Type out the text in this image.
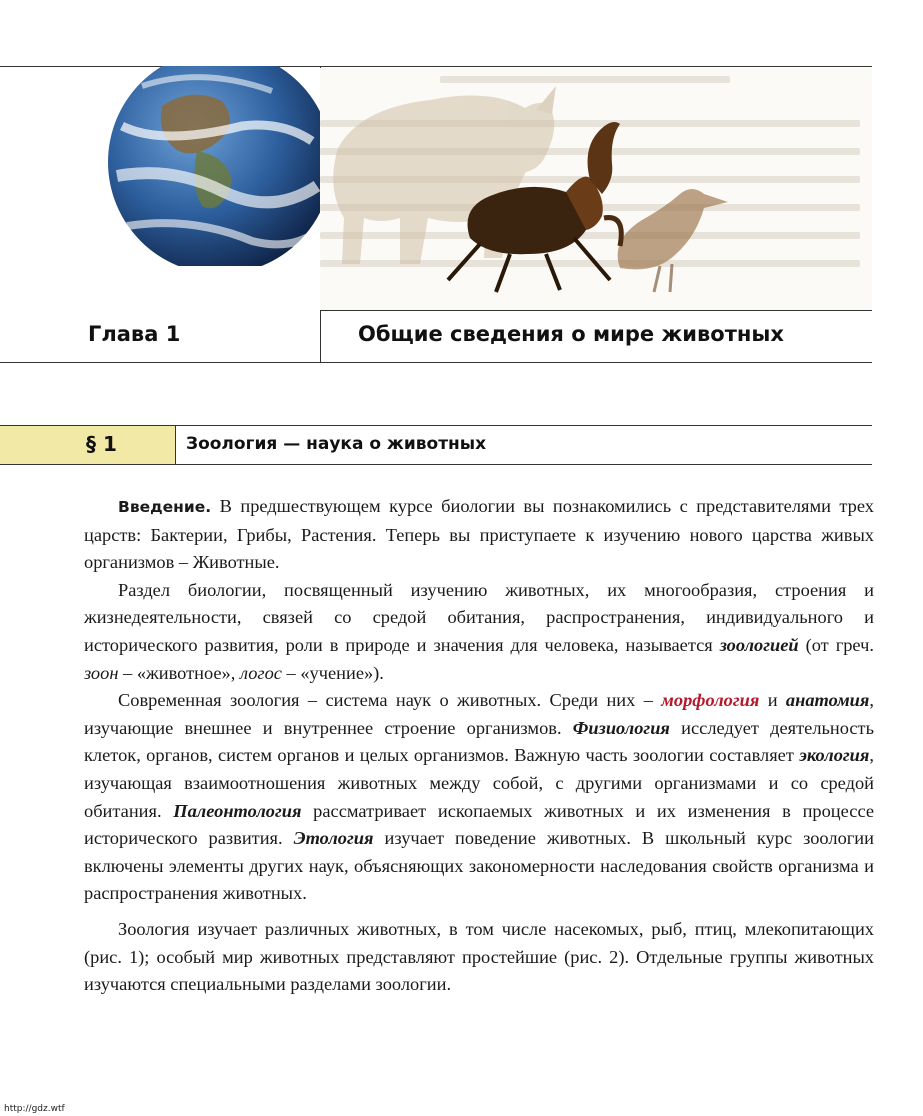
Глава 1	Общие сведения о мире животных
§ 1	Зоология — наука о животных

Введение. В предшествующем курсе биологии вы познакомились с представителями трех царств: Бактерии, Грибы, Растения. Теперь вы приступаете к изучению нового царства живых организмов – Животные.

Раздел биологии, посвященный изучению животных, их многообразия, строения и жизнедеятельности, связей со средой обитания, распространения, индивидуального и исторического развития, роли в природе и значения для человека, называется зоологией (от греч. зоон – «животное», логос – «учение»).

Современная зоология – система наук о животных. Среди них – морфология и анатомия, изучающие внешнее и внутреннее строение организмов. Физиология исследует деятельность клеток, органов, систем органов и целых организмов. Важную часть зоологии составляет экология, изучающая взаимоотношения животных между собой, с другими организмами и со средой обитания. Палеонтология рассматривает ископаемых животных и их изменения в процессе исторического развития. Этология изучает поведение животных. В школьный курс зоологии включены элементы других наук, объясняющих закономерности наследования свойств организма и распространения животных.

Зоология изучает различных животных, в том числе насекомых, рыб, птиц, млекопитающих (рис. 1); особый мир животных представляют простейшие (рис. 2). Отдельные группы животных изучаются специальными разделами зоологии.

http://gdz.wtf
